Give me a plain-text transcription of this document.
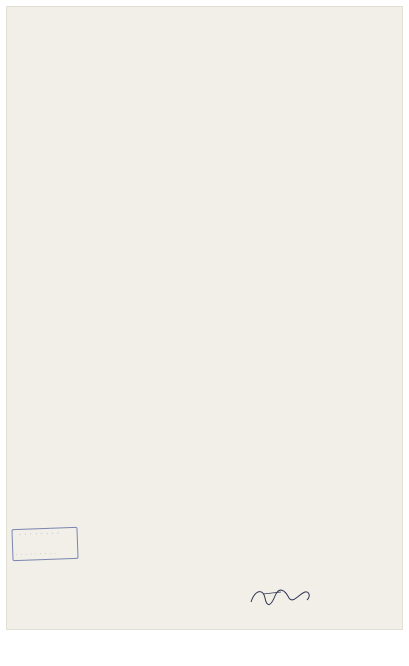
· · · · · · · ·
· · · · · · · · ·
